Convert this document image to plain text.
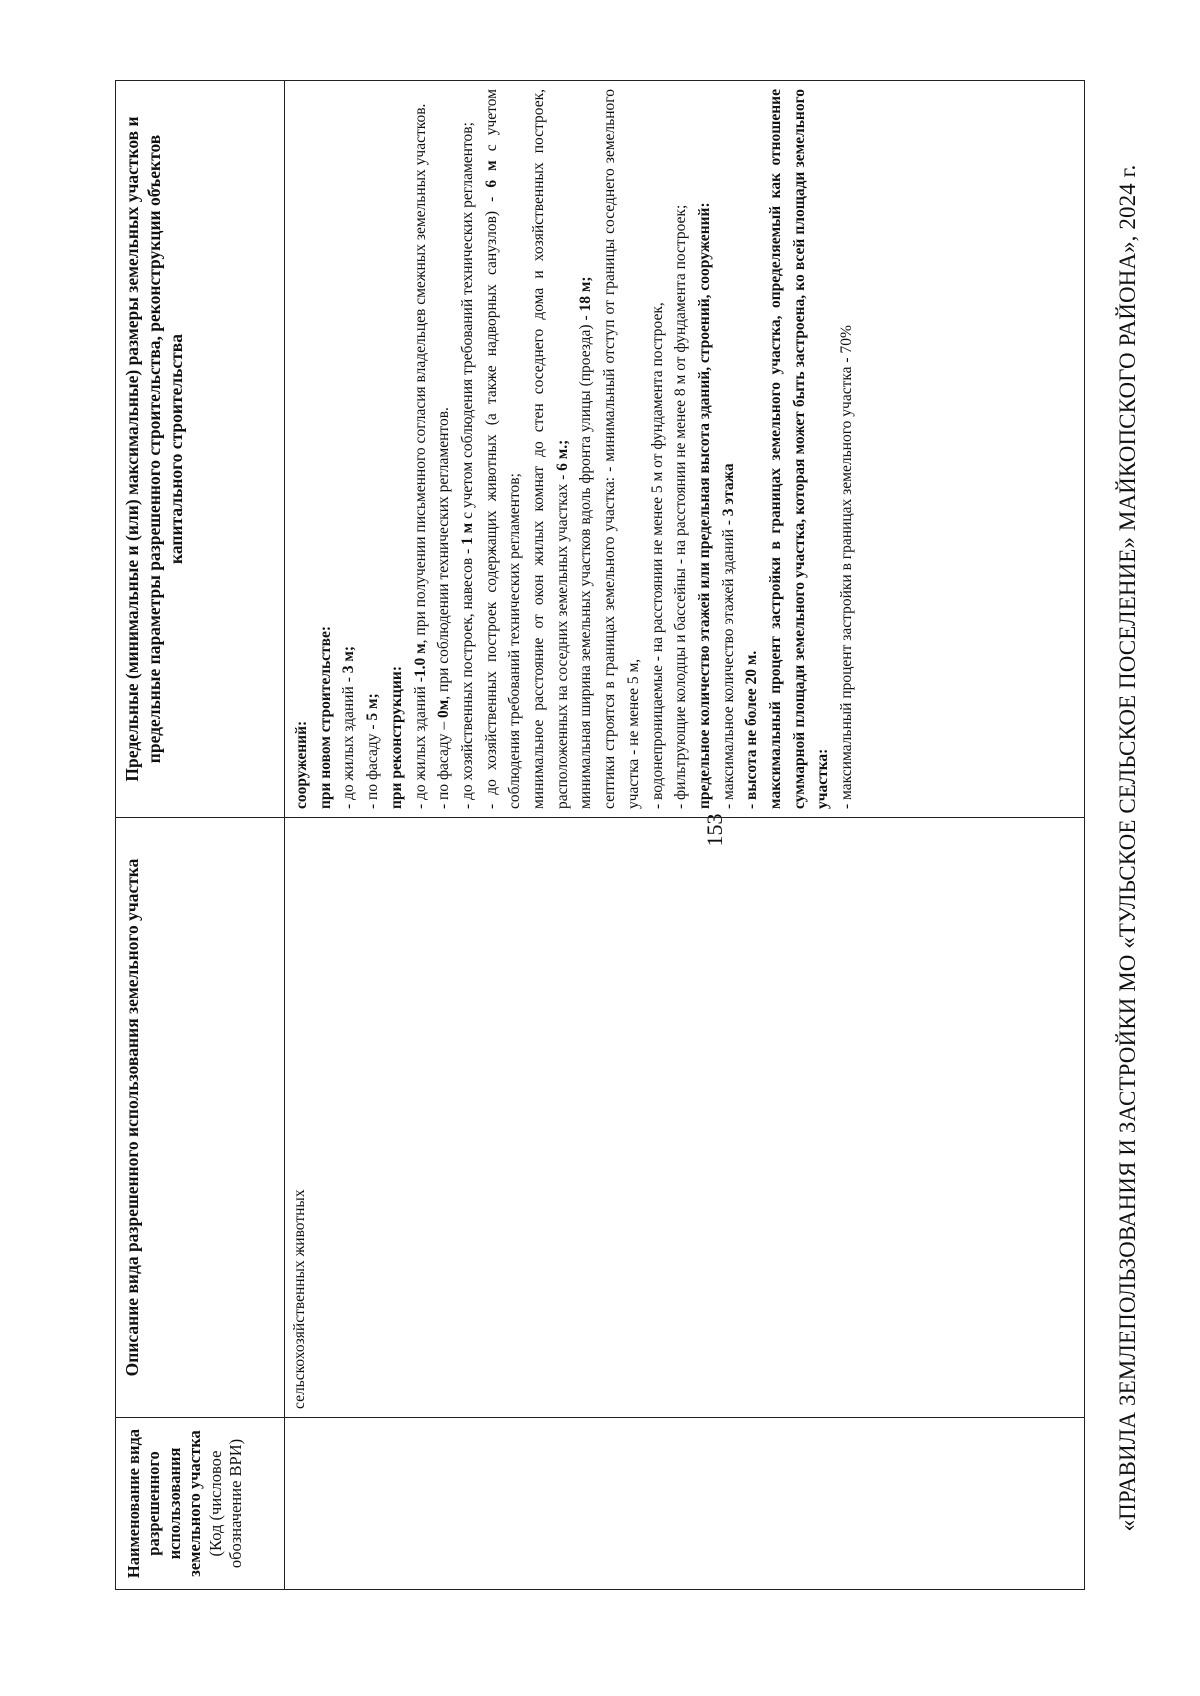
153
Наименование вида разрешенного использования земельного участка (Код (числовое обозначение ВРИ)
Описание вида разрешенного использования земельного участка
Предельные (минимальные и (или) максимальные) размеры земельных участков и предельные параметры разрешенного строительства, реконструкции объектов капитального строительства
сельскохозяйственных животных
сооружений: при новом строительстве: - до жилых зданий - 3 м;
- по фасаду - 5 м; при реконструкции: - до жилых зданий -1.0 м, при получении письменного согласия владельцев смежных земельных участков.
- по фасаду – 0м, при соблюдении технических регламентов. - до хозяйственных построек, навесов - 1 м с учетом соблюдения требований технических регламентов; - до хозяйственных построек содержащих животных (а также надворных санузлов) - 6 м с учетом соблюдения требований технических регламентов; минимальное расстояние от окон жилых комнат до стен соседнего дома и хозяйственных построек, расположенных на соседних земельных участках - 6 м.; минимальная ширина земельных участков вдоль фронта улицы (проезда) - 18 м; септики строятся в границах земельного участка: - минимальный отступ от границы соседнего земельного участка - не менее 5 м, - водонепроницаемые - на расстоянии не менее 5 м от фундамента построек, - фильтрующие колодцы и бассейны - на расстоянии не менее 8 м от фундамента построек; предельное количество этажей или предельная высота зданий, строений, сооружений: - максимальное количество этажей зданий - 3 этажа
- высота не более 20 м. максимальный процент застройки в границах земельного участка, определяемый как отношение суммарной площади земельного участка, которая может быть застроена, ко всей площади земельного участка: - максимальный процент застройки в границах земельного участка - 70%	«ПРАВИЛА ЗЕМЛЕПОЛЬЗОВАНИЯ И ЗАСТРОЙКИ МО «ТУЛЬСКОЕ СЕЛЬСКОЕ ПОСЕЛЕНИЕ» МАЙКОПСКОГО РАЙОНА», 2024 г.
